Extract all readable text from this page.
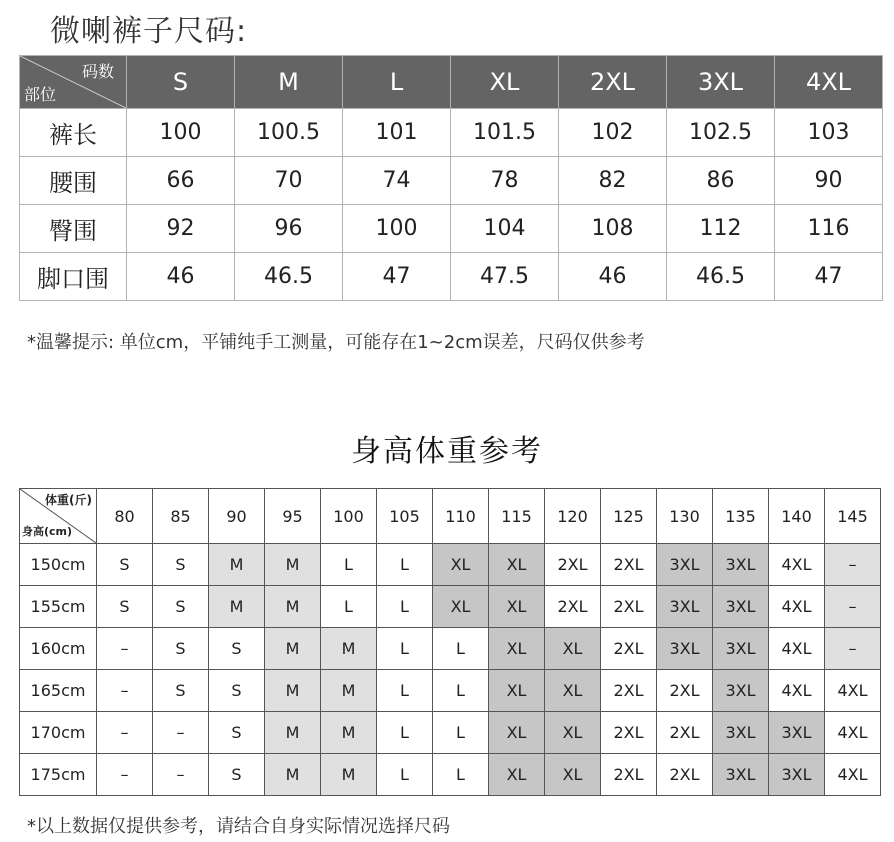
微喇裤子尺码:
码数
部位	S	M	L	XL	2XL	3XL	4XL
裤长	100	100.5	101	101.5	102	102.5	103
腰围	66	70	74	78	82	86	90
臀围	92	96	100	104	108	112	116
脚口围	46	46.5	47	47.5	46	46.5	47
*温馨提示: 单位cm，平铺纯手工测量，可能存在1~2cm误差，尺码仅供参考
身高体重参考
体重(斤)
身高(cm)	80	85	90	95	100	105	110	115	120	125	130	135	140	145
150cm	S	S	M	M	L	L	XL	XL	2XL	2XL	3XL	3XL	4XL	–
155cm	S	S	M	M	L	L	XL	XL	2XL	2XL	3XL	3XL	4XL	–
160cm	–	S	S	M	M	L	L	XL	XL	2XL	3XL	3XL	4XL	–
165cm	–	S	S	M	M	L	L	XL	XL	2XL	2XL	3XL	4XL	4XL
170cm	–	–	S	M	M	L	L	XL	XL	2XL	2XL	3XL	3XL	4XL
175cm	–	–	S	M	M	L	L	XL	XL	2XL	2XL	3XL	3XL	4XL
*以上数据仅提供参考，请结合自身实际情况选择尺码
